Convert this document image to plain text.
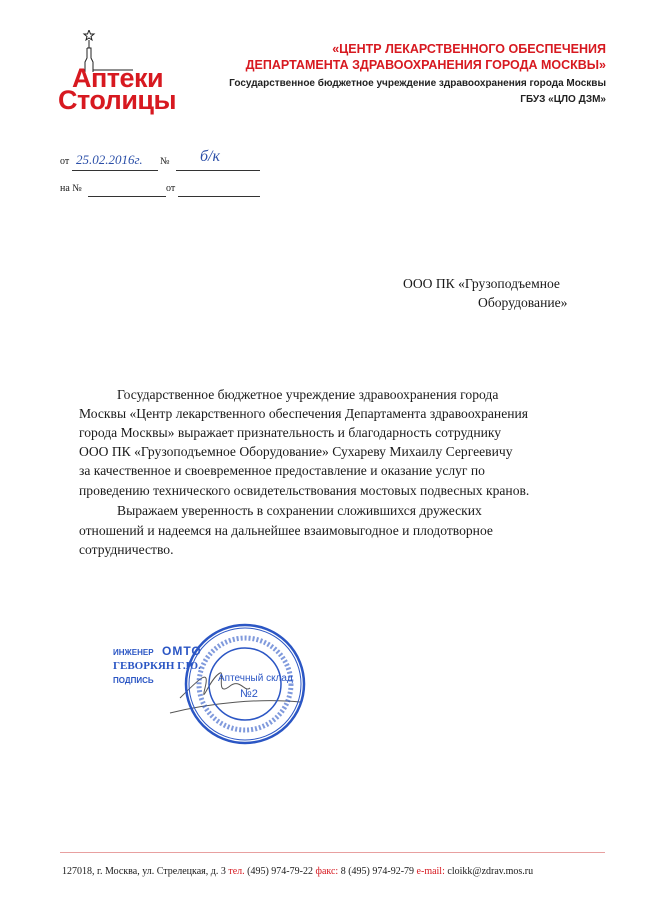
Аптеки
Столицы
«ЦЕНТР ЛЕКАРСТВЕННОГО ОБЕСПЕЧЕНИЯ
ДЕПАРТАМЕНТА ЗДРАВООХРАНЕНИЯ ГОРОДА МОСКВЫ»
Государственное бюджетное учреждение здравоохранения города Москвы
ГБУЗ «ЦЛО ДЗМ»
от 25.02.2016г. № б/к
на №	от
ООО ПК «Грузоподъемное
Оборудование»
Государственное бюджетное учреждение здравоохранения города
Москвы «Центр лекарственного обеспечения Департамента здравоохранения
города Москвы» выражает признательность и благодарность сотруднику
ООО ПК «Грузоподъемное Оборудование» Сухареву Михаилу Сергеевичу
за качественное и своевременное предоставление и оказание услуг по
проведению технического освидетельствования мостовых подвесных кранов.
Выражаем уверенность в сохранении сложившихся дружеских
отношений и надеемся на дальнейшее взаимовыгодное и плодотворное
сотрудничество.
ИНЖЕНЕР ОМТО
ГЕВОРКЯН Г.Ю.
ПОДПИСЬ	Аптечный склад
№2
127018, г. Москва, ул. Стрелецкая, д. 3 тел. (495) 974-79-22 факс: 8 (495) 974-92-79 e-mail: cloikk@zdrav.mos.ru
